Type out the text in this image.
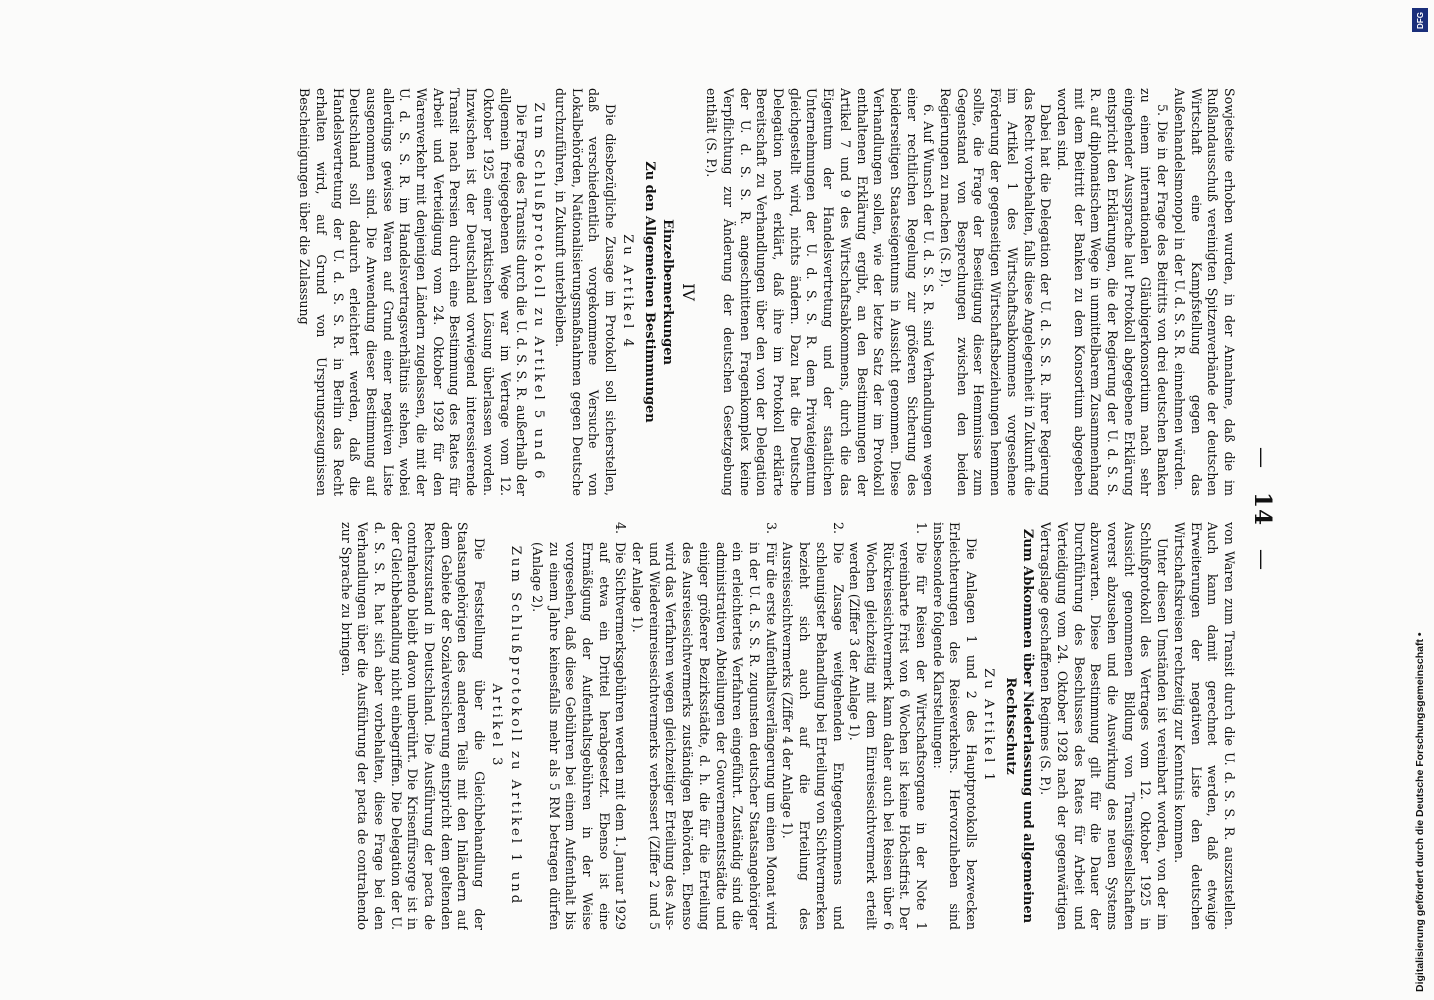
—   14   —

Sowjetseite erhoben wurden, in der Annahme, daß die im Rußlandausschuß vereinigten Spitzenverbände der deutschen Wirtschaft eine Kampfstellung gegen das Außenhandelsmonopol in der U. d. S. S. R. einnehmen würden.

5. Die in der Frage des Beitritts von drei deutschen Banken zu einem internationalen Gläubigerkonsortium nach sehr eingehender Aussprache laut Protokoll abgegebene Erklärung entspricht den Erklärungen, die der Regierung der U. d. S. S. R. auf diplomatischem Wege in unmittelbarem Zusammenhang mit dem Beitritt der Banken zu dem Konsortium abgegeben worden sind.

Dabei hat die Delegation der U. d. S. S. R. ihrer Regierung das Recht vorbehalten, falls diese Angelegenheit in Zukunft die im Artikel 1 des Wirtschaftsabkommens vorgesehene Förderung der gegenseitigen Wirtschaftsbeziehungen hemmen sollte, die Frage der Beseitigung dieser Hemmnisse zum Gegenstand von Besprechungen zwischen den beiden Regierungen zu machen (S. P.).

6. Auf Wunsch der U. d. S. S. R. sind Verhandlungen wegen einer rechtlichen Regelung zur größeren Sicherung des beiderseitigen Staatseigentums in Aussicht genommen. Diese Verhandlungen sollen, wie der letzte Satz der im Protokoll enthaltenen Erklärung ergibt, an den Bestimmungen der Artikel 7 und 9 des Wirtschaftsabkommens, durch die das Eigentum der Handelsvertretung und der staatlichen Unternehmungen der U. d. S. S. R. dem Privateigentum gleichgestellt wird, nichts ändern. Dazu hat die Deutsche Delegation noch erklärt, daß ihre im Protokoll erklärte Bereitschaft zu Verhandlungen über den von der Delegation der U. d. S. S. R. angeschnittenen Fragenkomplex keine Verpflichtung zur Änderung der deutschen Gesetzgebung enthält (S. P.).

IV

Einzelbemerkungen

Zu den Allgemeinen Bestimmungen

Zu Artikel 4

Die diesbezügliche Zusage im Protokoll soll sicherstellen, daß verschiedentlich vorgekommene Versuche von Lokalbehörden, Nationalisierungsmaßnahmen gegen Deutsche durchzuführen, in Zukunft unterbleiben.

Zum Schlußprotokoll zu Artikel 5 und 6

Die Frage des Transits durch die U. d. S. S. R. außerhalb der allgemein freigegebenen Wege war im Vertrage vom 12. Oktober 1925 einer praktischen Lösung überlassen worden. Inzwischen ist der Deutschland vorwiegend interessierende Transit nach Persien durch eine Bestimmung des Rates für Arbeit und Verteidigung vom 24. Oktober 1928 für den Warenverkehr mit denjenigen Ländern zugelassen, die mit der U. d. S. S. R. im Handelsvertragsverhältnis stehen, wobei allerdings gewisse Waren auf Grund einer negativen Liste ausgenommen sind. Die Anwendung dieser Bestimmung auf Deutschland soll dadurch erleichtert werden, daß die Handelsvertretung der U. d. S. S. R. in Berlin das Recht erhalten wird, auf Grund von Ursprungszeugnissen Bescheinigungen über die Zulassung

von Waren zum Transit durch die U. d. S. S. R. auszustellen. Auch kann damit gerechnet werden, daß etwaige Erweiterungen der negativen Liste den deutschen Wirtschaftskreisen rechtzeitig zur Kenntnis kommen.

Unter diesen Umständen ist vereinbart worden, von der im Schlußprotokoll des Vertrages vom 12. Oktober 1925 in Aussicht genommenen Bildung von Transitgesellschaften vorerst abzusehen und die Auswirkung des neuen Systems abzuwarten. Diese Bestimmung gilt für die Dauer der Durchführung des Beschlusses des Rates für Arbeit und Verteidigung vom 24. Oktober 1928 nach der gegenwärtigen Vertragslage geschaffenen Regimes (S. P.).

Zum Abkommen über Niederlassung und allgemeinen Rechtsschutz

Zu Artikel 1

Die Anlagen 1 und 2 des Hauptprotokolls bezwecken Erleichterungen des Reiseverkehrs. Hervorzuheben sind insbesondere folgende Klarstellungen:

1.
Die für Reisen der Wirtschaftsorgane in der Note 1 vereinbarte Frist von 6 Wochen ist keine Höchstfrist. Der Rückreisesichtvermerk kann daher auch bei Reisen über 6 Wochen gleichzeitig mit dem Einreisesichtvermerk erteilt werden (Ziffer 3 der Anlage 1).
2.
Die Zusage weitgehenden Entgegenkommens und schleunigster Behandlung bei Erteilung von Sichtvermerken bezieht sich auch auf die Erteilung des Ausreisesichtvermerks (Ziffer 4 der Anlage 1).
3.
Für die erste Aufenthaltsverlängerung um einen Monat wird in der U. d. S. S. R. zugunsten deutscher Staatsangehöriger ein erleichtertes Verfahren eingeführt. Zuständig sind die administrativen Abteilungen der Gouvernementsstädte und einiger größerer Bezirksstädte, d. h. die für die Erteilung des Ausreisesichtvermerks zuständigen Behörden. Ebenso wird das Verfahren wegen gleichzeitiger Erteilung des Aus- und Wiedereinreisesichtvermerks verbessert (Ziffer 2 und 5 der Anlage 1).
4.
Die Sichtvermerksgebühren werden mit dem 1. Januar 1929 auf etwa ein Drittel herabgesetzt. Ebenso ist eine Ermäßigung der Aufenthaltsgebühren in der Weise vorgesehen, daß diese Gebühren bei einem Aufenthalt bis zu einem Jahre keinesfalls mehr als 5 RM betragen dürfen (Anlage 2).

Zum Schlußprotokoll zu Artikel 1 und Artikel 3

Die Feststellung über die Gleichbehandlung der Staatsangehörigen des anderen Teils mit den Inländern auf dem Gebiete der Sozialversicherung entspricht dem geltenden Rechtszustand in Deutschland. Die Ausführung der pacta de contrahendo bleibt davon unberührt. Die Krisenfürsorge ist in der Gleichbehandlung nicht einbegriffen. Die Delegation der U. d. S. S. R. hat sich aber vorbehalten, diese Frage bei den Verhandlungen über die Ausführung der pacta de contrahendo zur Sprache zu bringen.

DFG
Digitalisierung gefördert durch die Deutsche Forschungsgemeinschaft •
